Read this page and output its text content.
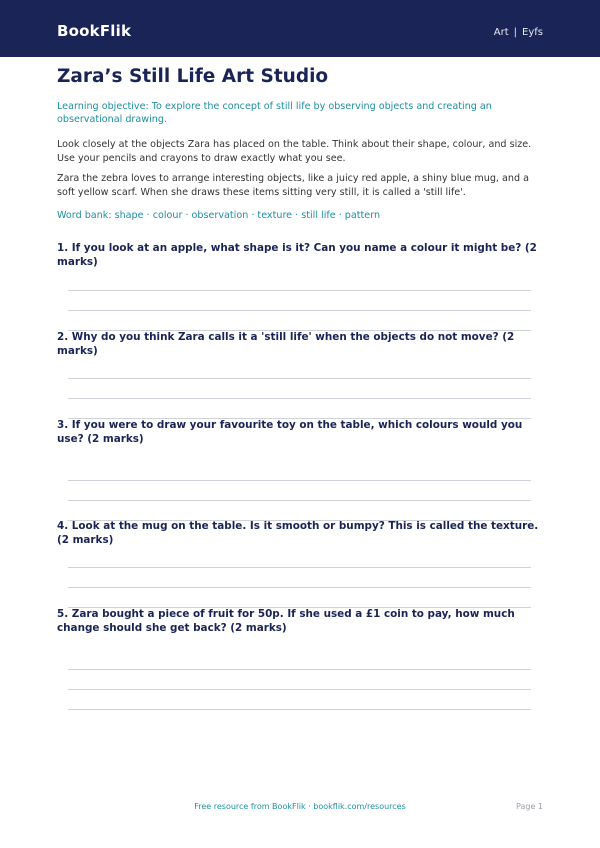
BookFlik	Art | Eyfs
Zara’s Still Life Art Studio
Learning objective: To explore the concept of still life by observing objects and creating an observational drawing.
Look closely at the objects Zara has placed on the table. Think about their shape, colour, and size. Use your pencils and crayons to draw exactly what you see.
Zara the zebra loves to arrange interesting objects, like a juicy red apple, a shiny blue mug, and a soft yellow scarf. When she draws these items sitting very still, it is called a 'still life'.
Word bank: shape · colour · observation · texture · still life · pattern
1. If you look at an apple, what shape is it? Can you name a colour it might be? (2 marks)
2. Why do you think Zara calls it a 'still life' when the objects do not move? (2 marks)
3. If you were to draw your favourite toy on the table, which colours would you use? (2 marks)
4. Look at the mug on the table. Is it smooth or bumpy? This is called the texture. (2 marks)
5. Zara bought a piece of fruit for 50p. If she used a £1 coin to pay, how much change should she get back? (2 marks)
Free resource from BookFlik · bookflik.com/resources	Page 1
